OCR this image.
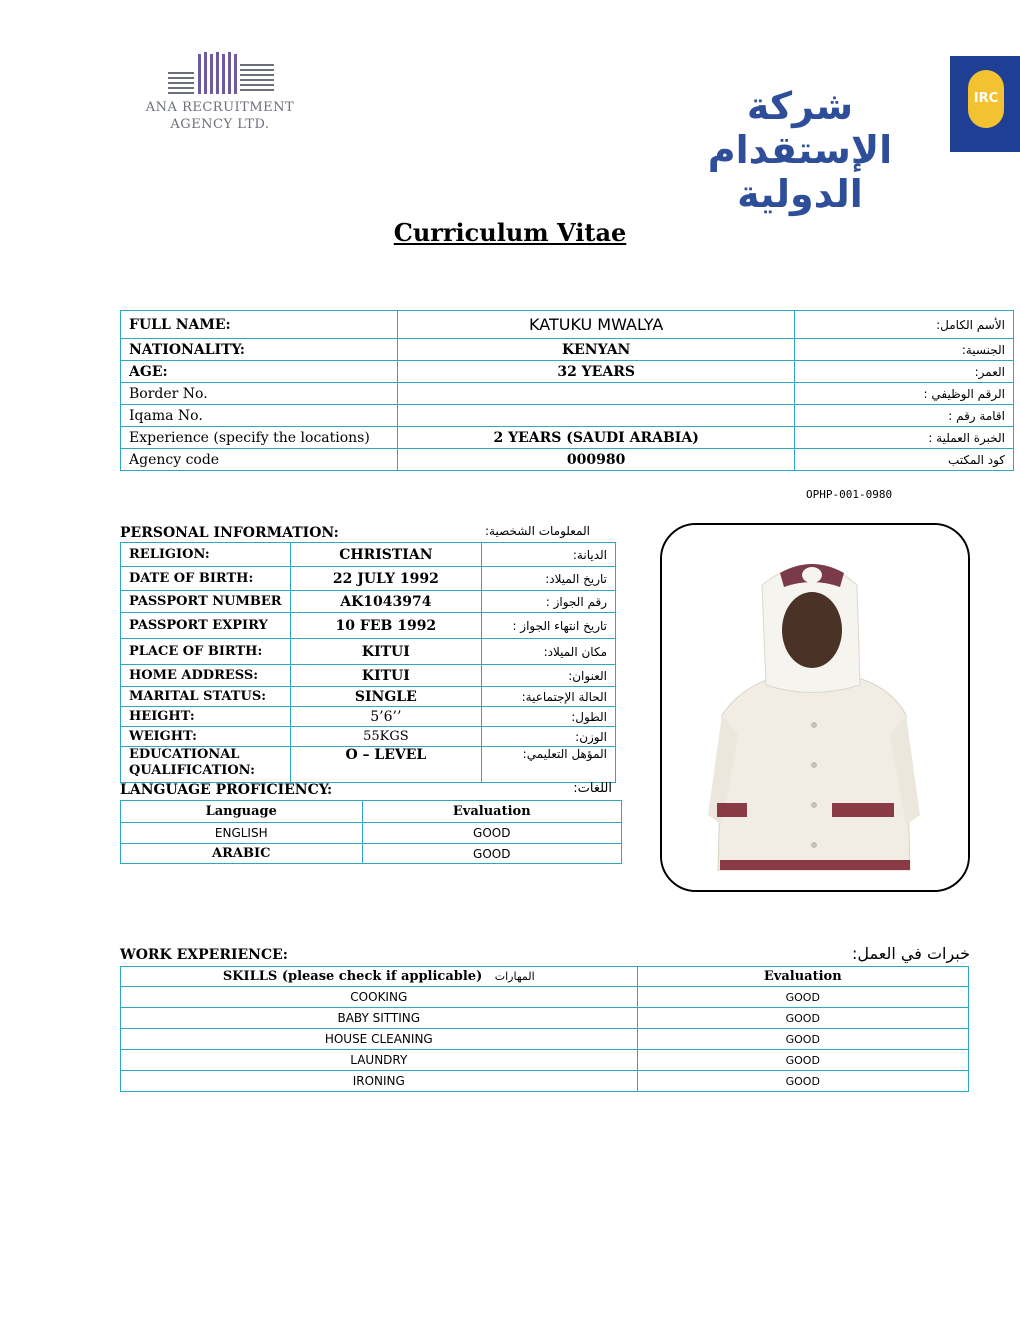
ANA RECRUITMENT
AGENCY LTD.	شركة الإستقدام الدولية
IRC
Curriculum Vitae
FULL NAME:	KATUKU MWALYA	الأسم الكامل:
NATIONALITY:	KENYAN	الجنسية:
AGE:	32 YEARS	العمر:
Border No.		الرقم الوظيفي :
Iqama No.		اقامة رقم :
Experience (specify the locations)	2 YEARS (SAUDI ARABIA)	الخبرة العملية :
Agency code	000980	كود المكتب
OPHP-001-0980
PERSONAL INFORMATION:	المعلومات الشخصية:
RELIGION:	CHRISTIAN	الديانة:
DATE OF BIRTH:	22 JULY 1992	تاريخ الميلاد:
PASSPORT NUMBER	AK1043974	رقم الجواز :
PASSPORT EXPIRY	10 FEB 1992	تاريخ انتهاء الجواز :
PLACE OF BIRTH:	KITUI	مكان الميلاد:
HOME ADDRESS:	KITUI	العنوان:
MARITAL STATUS:	SINGLE	الحالة الإجتماعية:
HEIGHT:	5’6’’	الطول:
WEIGHT:	55KGS	الوزن:
EDUCATIONAL QUALIFICATION:	O – LEVEL	المؤهل التعليمي:
LANGUAGE PROFICIENCY:	اللغات:
Language	Evaluation
ENGLISH	GOOD
ARABIC	GOOD
WORK EXPERIENCE:	خبرات في العمل:
SKILLS (please check if applicable) المهارات	Evaluation
COOKING	GOOD
BABY SITTING	GOOD
HOUSE CLEANING	GOOD
LAUNDRY	GOOD
IRONING	GOOD
